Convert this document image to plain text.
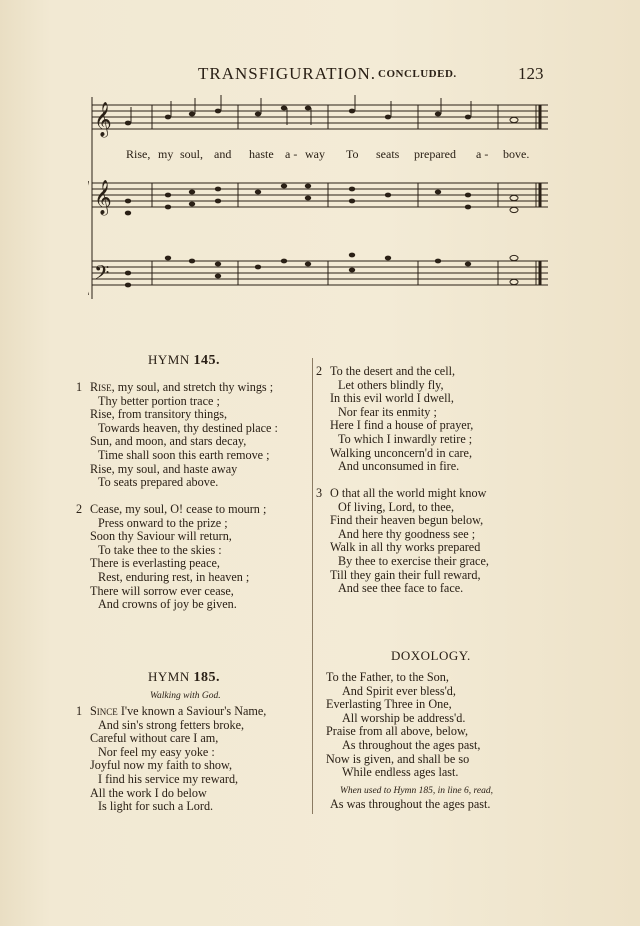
TRANSFIGURATION. CONCLUDED.	123
𝄞
𝄞
𝄢
Rise, my soul, and haste a - way To seats prepared a - bove.
HYMN 145.
1 Rise, my soul, and stretch thy wings ;
Thy better portion trace ;
Rise, from transitory things,
Towards heaven, thy destined place :
Sun, and moon, and stars decay,
Time shall soon this earth remove ;
Rise, my soul, and haste away
To seats prepared above.
2 Cease, my soul, O! cease to mourn ;
Press onward to the prize ;
Soon thy Saviour will return,
To take thee to the skies :
There is everlasting peace,
Rest, enduring rest, in heaven ;
There will sorrow ever cease,
And crowns of joy be given.
2 To the desert and the cell,
Let others blindly fly,
In this evil world I dwell,
Nor fear its enmity ;
Here I find a house of prayer,
To which I inwardly retire ;
Walking unconcern'd in care,
And unconsumed in fire.
3 O that all the world might know
Of living, Lord, to thee,
Find their heaven begun below,
And here thy goodness see ;
Walk in all thy works prepared
By thee to exercise their grace,
Till they gain their full reward,
And see thee face to face.
HYMN 185.
Walking with God.
1 Since I've known a Saviour's Name,
And sin's strong fetters broke,
Careful without care I am,
Nor feel my easy yoke :
Joyful now my faith to show,
I find his service my reward,
All the work I do below
Is light for such a Lord.
DOXOLOGY.
To the Father, to the Son,
And Spirit ever bless'd,
Everlasting Three in One,
All worship be address'd.
Praise from all above, below,
As throughout the ages past,
Now is given, and shall be so
While endless ages last.
When used to Hymn 185, in line 6, read,
As was throughout the ages past.
